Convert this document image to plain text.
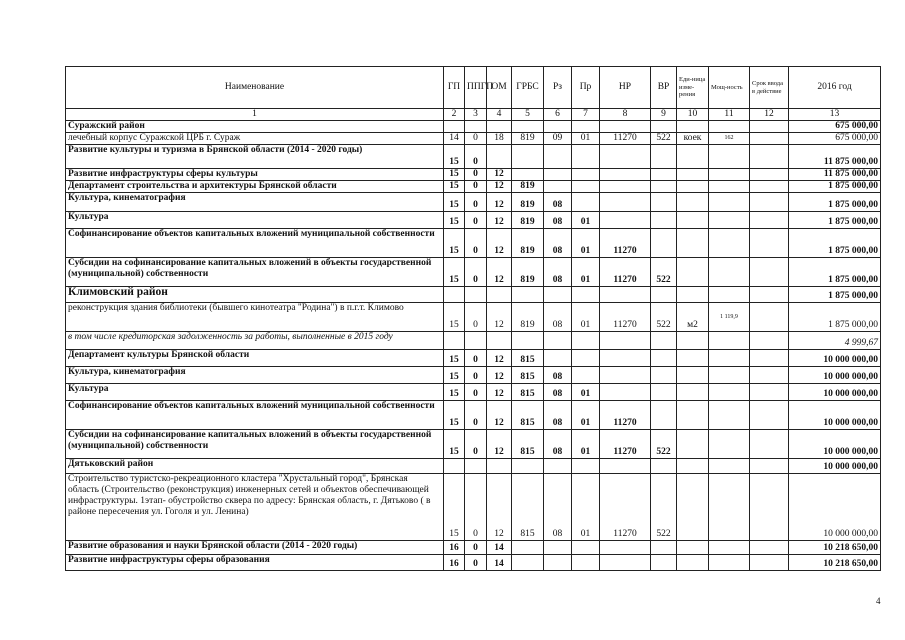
Наименование	ГП	ППГП	ОМ	ГРБС	Рз	Пр	НР	ВР	Еди-ница изме-рения	Мощ-ность	Срок ввода в действие	2016 год
1	2	3	4	5	6	7	8	9	10	11	12	13
Суражский район												675 000,00
лечебный корпус Суражской ЦРБ г. Сураж	14	0	18	819	09	01	11270	522	коек	162		675 000,00
Развитие культуры и туризма в Брянской области (2014 - 2020 годы)	15	0										11 875 000,00
Развитие инфраструктуры сферы культуры	15	0	12									11 875 000,00
Департамент строительства и архитектуры Брянской области	15	0	12	819								1 875 000,00
Культура, кинематография	15	0	12	819	08							1 875 000,00
Культура	15	0	12	819	08	01						1 875 000,00
Софинансирование объектов капитальных вложений муниципальной собственности	15	0	12	819	08	01	11270					1 875 000,00
Субсидии на софинансирование капитальных вложений в объекты государственной (муниципальной) собственности	15	0	12	819	08	01	11270	522				1 875 000,00
Климовский район												1 875 000,00
реконструкция здания библиотеки (бывшего кинотеатра "Родина") в п.г.т. Климово	15	0	12	819	08	01	11270	522	м2	1 119,9		1 875 000,00
в том числе кредиторская задолженность за работы, выполненные в 2015 году												4 999,67
Департамент культуры Брянской области	15	0	12	815								10 000 000,00
Культура, кинематография	15	0	12	815	08							10 000 000,00
Культура	15	0	12	815	08	01						10 000 000,00
Софинансирование объектов капитальных вложений муниципальной собственности	15	0	12	815	08	01	11270					10 000 000,00
Субсидии на софинансирование капитальных вложений в объекты государственной (муниципальной) собственности	15	0	12	815	08	01	11270	522				10 000 000,00
Дятьковский район												10 000 000,00
Строительство туристско-рекреационного кластера "Хрустальный город", Брянская область (Строительство (реконструкция) инженерных сетей и объектов обеспечивающей инфраструктуры. 1этап- обустройство сквера по адресу: Брянская область, г. Дятьково ( в районе пересечения ул. Гоголя и ул. Ленина)	15	0	12	815	08	01	11270	522				10 000 000,00
Развитие образования и науки Брянской области (2014 - 2020 годы)	16	0	14									10 218 650,00
Развитие инфраструктуры сферы образования	16	0	14									10 218 650,00
4
